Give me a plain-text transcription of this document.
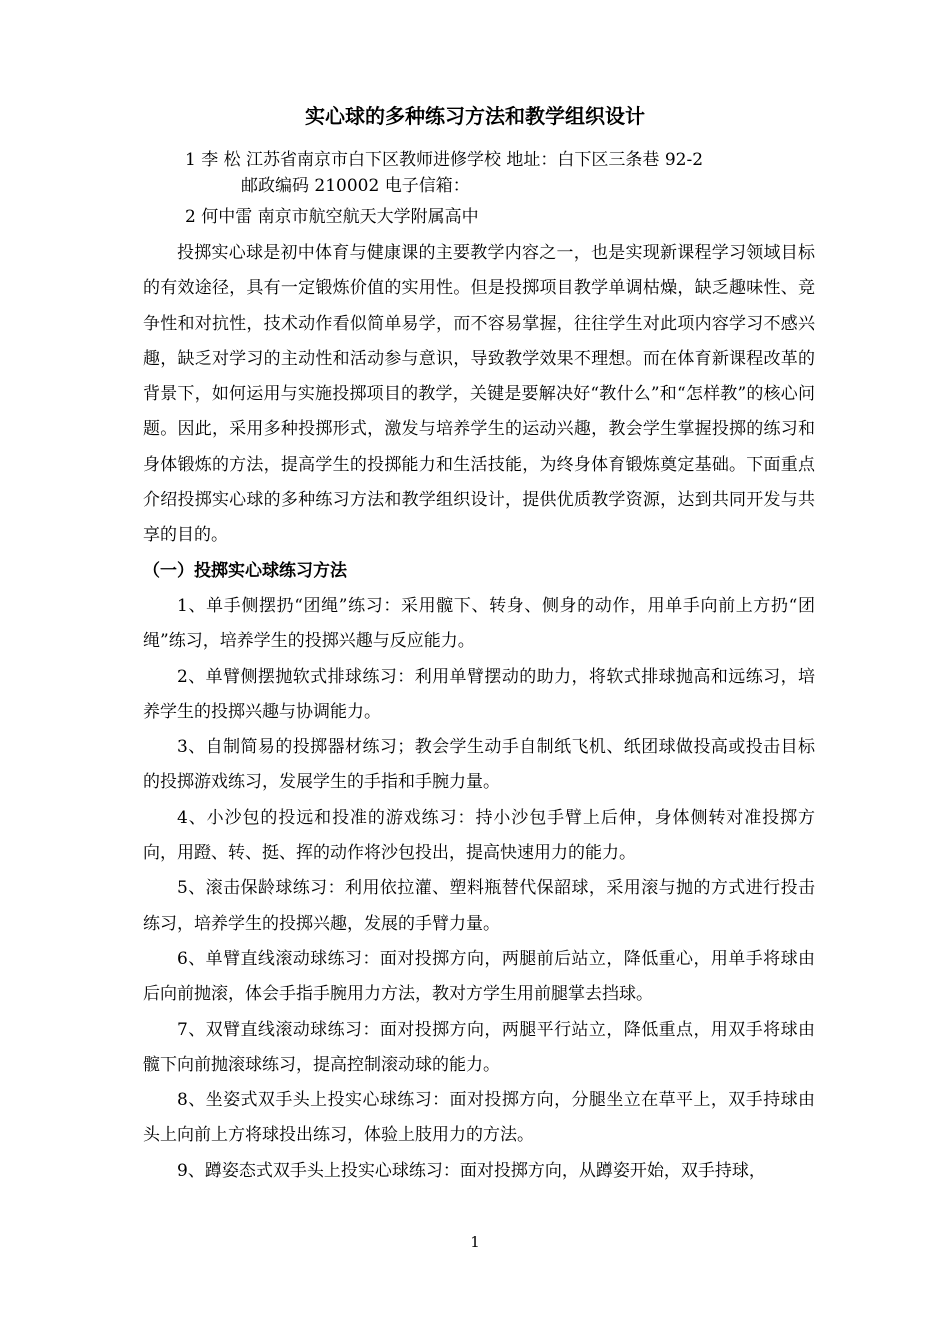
实心球的多种练习方法和教学组织设计
1 李 松 江苏省南京市白下区教师进修学校 地址：白下区三条巷 92-2
邮政编码 210002 电子信箱：
2 何中雷 南京市航空航天大学附属高中

投掷实心球是初中体育与健康课的主要教学内容之一，也是实现新课程学习领域目标的有效途径，具有一定锻炼价值的实用性。但是投掷项目教学单调枯燥，缺乏趣味性、竞争性和对抗性，技术动作看似简单易学，而不容易掌握，往往学生对此项内容学习不感兴趣，缺乏对学习的主动性和活动参与意识，导致教学效果不理想。而在体育新课程改革的背景下，如何运用与实施投掷项目的教学，关键是要解决好“教什么”和“怎样教”的核心问题。因此，采用多种投掷形式，激发与培养学生的运动兴趣，教会学生掌握投掷的练习和身体锻炼的方法，提高学生的投掷能力和生活技能，为终身体育锻炼奠定基础。下面重点介绍投掷实心球的多种练习方法和教学组织设计，提供优质教学资源，达到共同开发与共享的目的。

（一）投掷实心球练习方法

1、单手侧摆扔“团绳”练习：采用髋下、转身、侧身的动作，用单手向前上方扔“团绳”练习，培养学生的投掷兴趣与反应能力。

2、单臂侧摆抛软式排球练习：利用单臂摆动的助力，将软式排球抛高和远练习，培养学生的投掷兴趣与协调能力。

3、自制简易的投掷器材练习；教会学生动手自制纸飞机、纸团球做投高或投击目标的投掷游戏练习，发展学生的手指和手腕力量。

4、小沙包的投远和投准的游戏练习：持小沙包手臂上后伸，身体侧转对准投掷方向，用蹬、转、挺、挥的动作将沙包投出，提高快速用力的能力。

5、滚击保龄球练习：利用依拉灌、塑料瓶替代保韶球，采用滚与抛的方式进行投击练习，培养学生的投掷兴趣，发展的手臂力量。

6、单臂直线滚动球练习：面对投掷方向，两腿前后站立，降低重心，用单手将球由后向前抛滚，体会手指手腕用力方法，教对方学生用前腿掌去挡球。

7、双臂直线滚动球练习：面对投掷方向，两腿平行站立，降低重点，用双手将球由髋下向前抛滚球练习，提高控制滚动球的能力。

8、坐姿式双手头上投实心球练习：面对投掷方向，分腿坐立在草平上，双手持球由头上向前上方将球投出练习，体验上肢用力的方法。

9、蹲姿态式双手头上投实心球练习：面对投掷方向，从蹲姿开始，双手持球，

1
